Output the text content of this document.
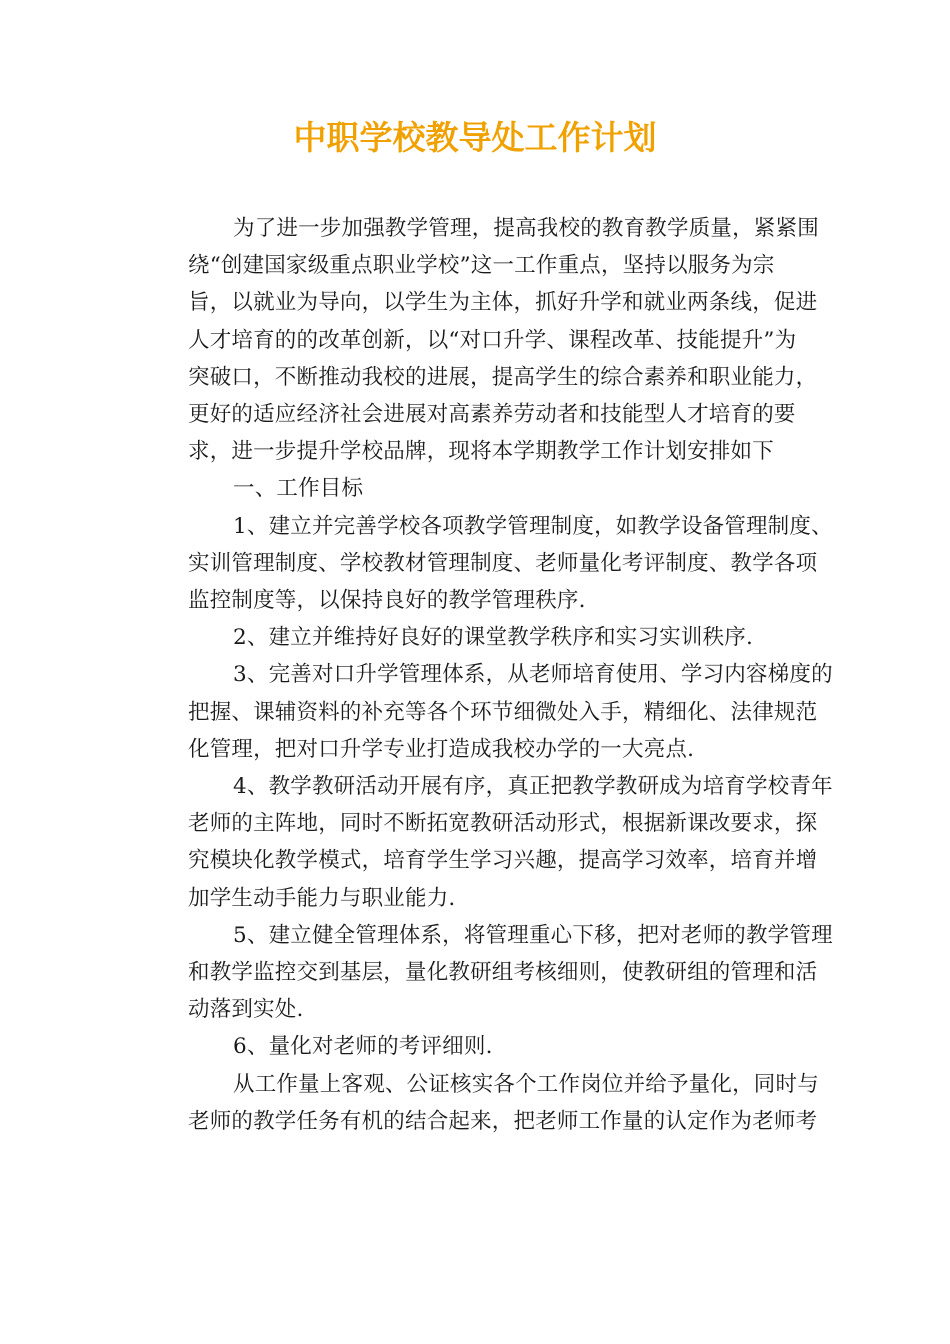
中职学校教导处工作计划

为了进一步加强教学管理，提高我校的教育教学质量，紧紧围
绕“创建国家级重点职业学校”这一工作重点，坚持以服务为宗
旨，以就业为导向，以学生为主体，抓好升学和就业两条线，促进
人才培育的的改革创新，以“对口升学、课程改革、技能提升”为
突破口，不断推动我校的进展，提高学生的综合素养和职业能力，
更好的适应经济社会进展对高素养劳动者和技能型人才培育的要
求，进一步提升学校品牌，现将本学期教学工作计划安排如下

一、工作目标

1、建立并完善学校各项教学管理制度，如教学设备管理制度、
实训管理制度、学校教材管理制度、老师量化考评制度、教学各项
监控制度等，以保持良好的教学管理秩序.

2、建立并维持好良好的课堂教学秩序和实习实训秩序.

3、完善对口升学管理体系，从老师培育使用、学习内容梯度的
把握、课辅资料的补充等各个环节细微处入手，精细化、法律规范
化管理，把对口升学专业打造成我校办学的一大亮点.

4、教学教研活动开展有序，真正把教学教研成为培育学校青年
老师的主阵地，同时不断拓宽教研活动形式，根据新课改要求，探
究模块化教学模式，培育学生学习兴趣，提高学习效率，培育并增
加学生动手能力与职业能力.

5、建立健全管理体系，将管理重心下移，把对老师的教学管理
和教学监控交到基层，量化教研组考核细则，使教研组的管理和活
动落到实处.

6、量化对老师的考评细则.

从工作量上客观、公证核实各个工作岗位并给予量化，同时与
老师的教学任务有机的结合起来，把老师工作量的认定作为老师考
